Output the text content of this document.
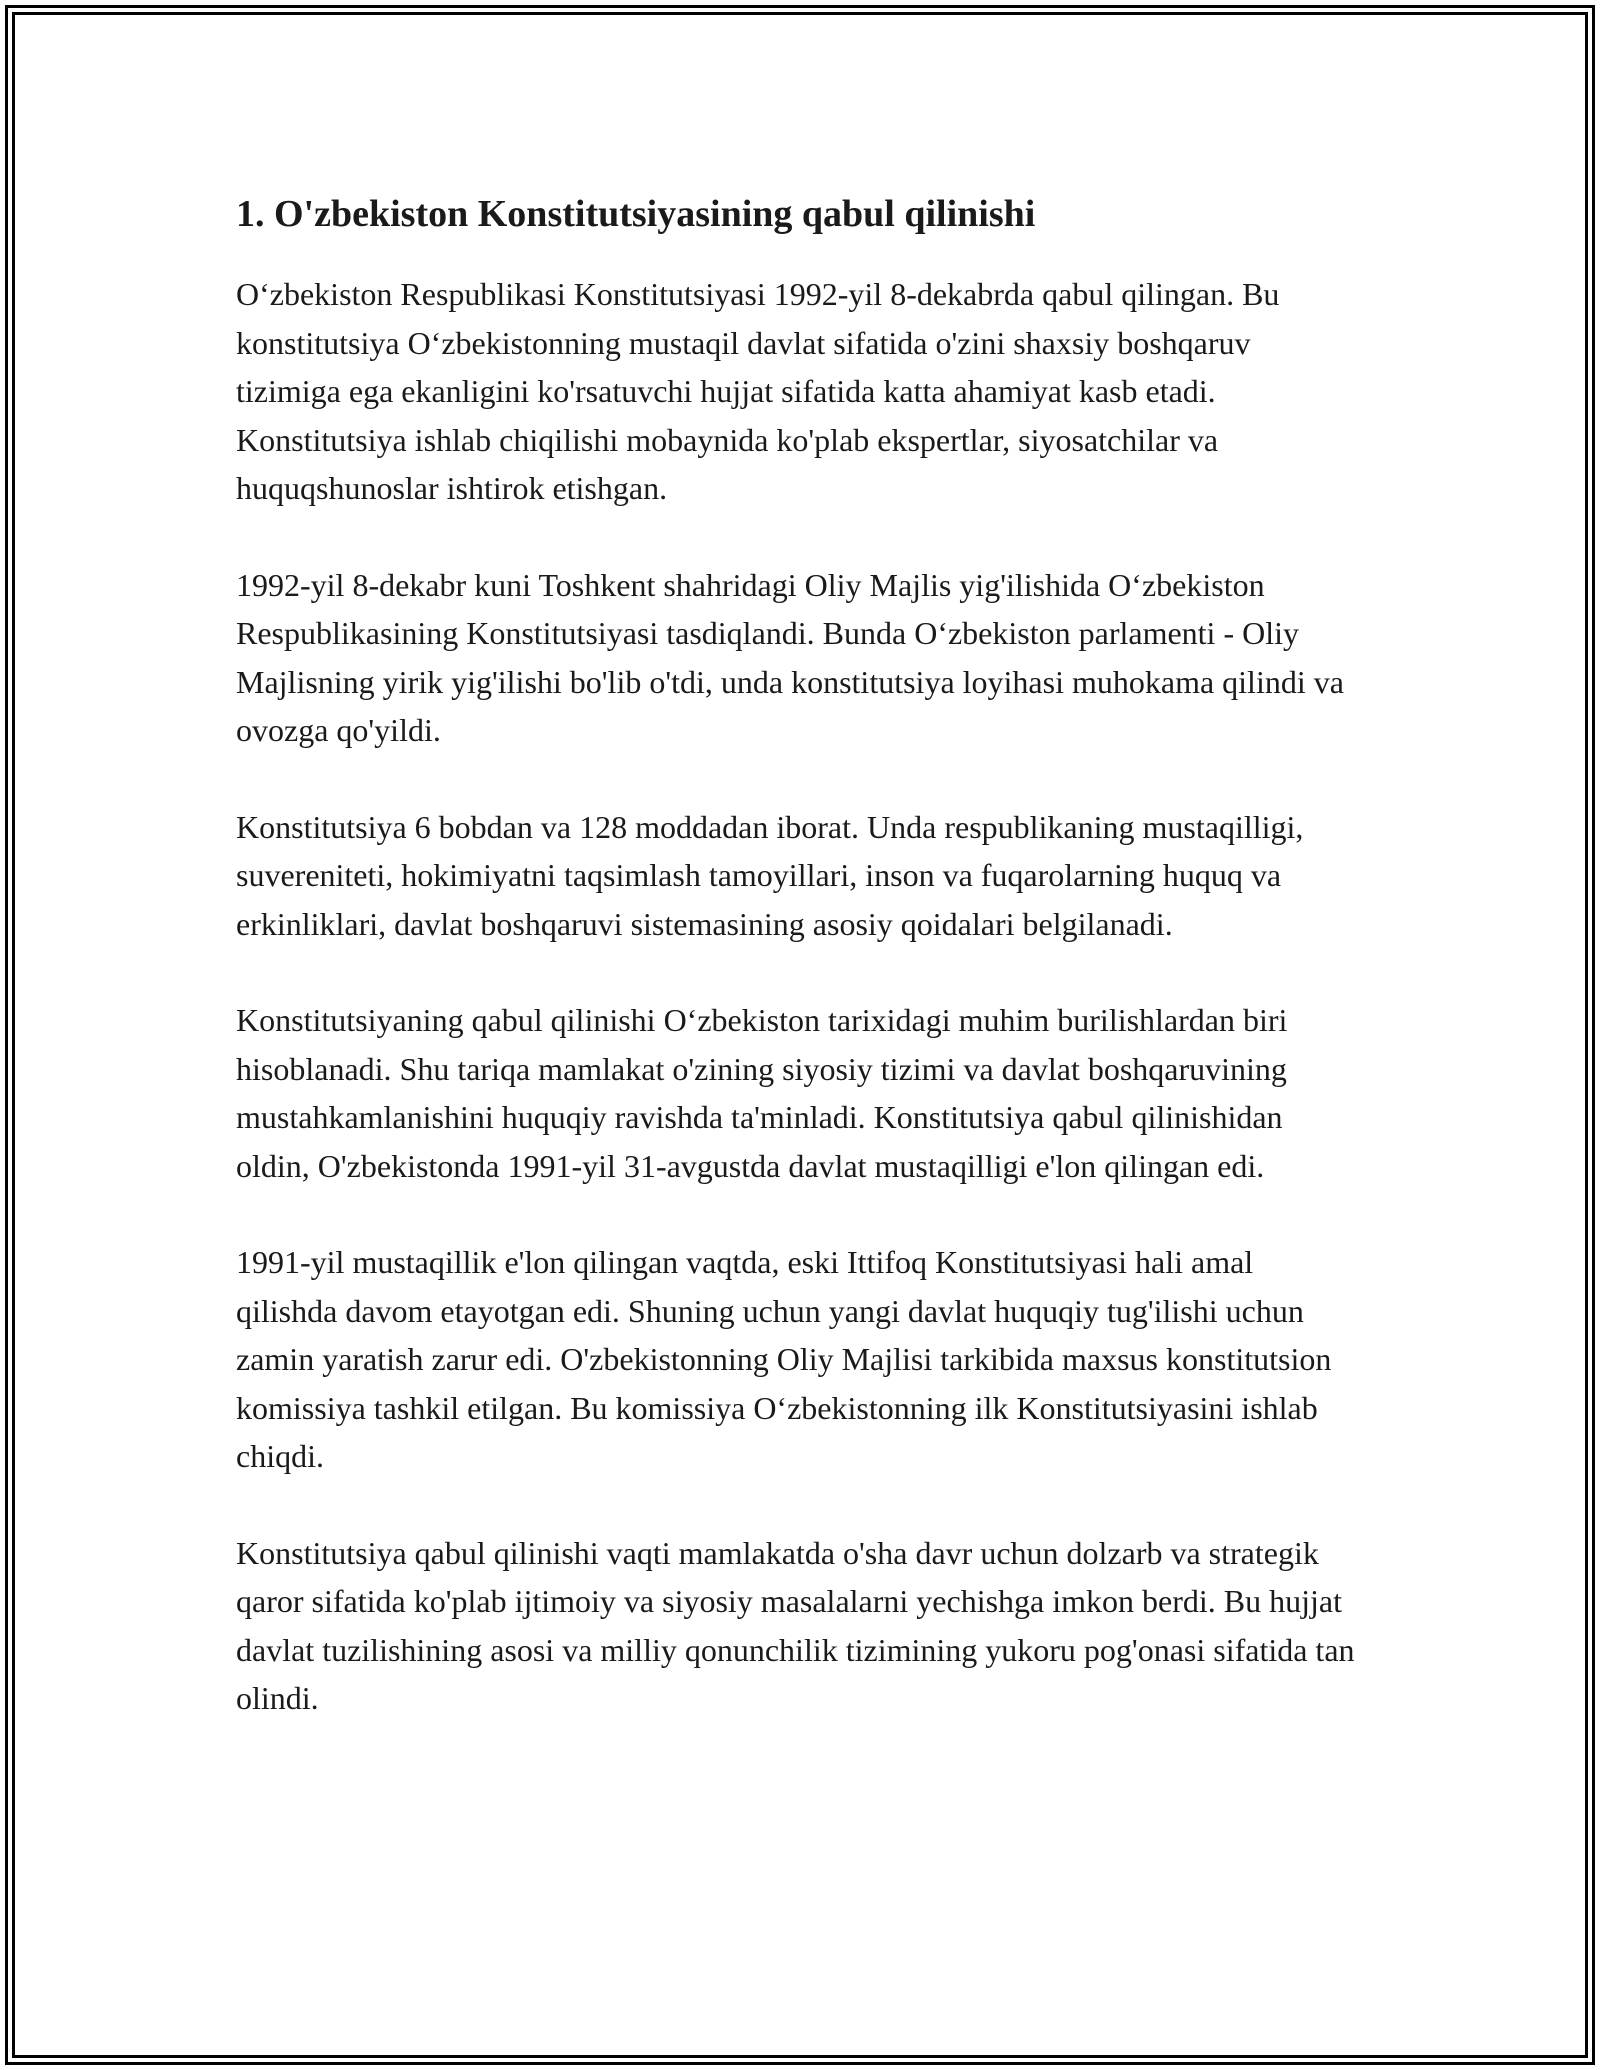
1. O'zbekiston Konstitutsiyasining qabul qilinishi

O‘zbekiston Respublikasi Konstitutsiyasi 1992-yil 8-dekabrda qabul qilingan. Bu konstitutsiya O‘zbekistonning mustaqil davlat sifatida o'zini shaxsiy boshqaruv tizimiga ega ekanligini ko'rsatuvchi hujjat sifatida katta ahamiyat kasb etadi. Konstitutsiya ishlab chiqilishi mobaynida ko'plab ekspertlar, siyosatchilar va huquqshunoslar ishtirok etishgan.

1992-yil 8-dekabr kuni Toshkent shahridagi Oliy Majlis yig'ilishida O‘zbekiston Respublikasining Konstitutsiyasi tasdiqlandi. Bunda O‘zbekiston parlamenti - Oliy Majlisning yirik yig'ilishi bo'lib o'tdi, unda konstitutsiya loyihasi muhokama qilindi va ovozga qo'yildi.

Konstitutsiya 6 bobdan va 128 moddadan iborat. Unda respublikaning mustaqilligi, suvereniteti, hokimiyatni taqsimlash tamoyillari, inson va fuqarolarning huquq va erkinliklari, davlat boshqaruvi sistemasining asosiy qoidalari belgilanadi.

Konstitutsiyaning qabul qilinishi O‘zbekiston tarixidagi muhim burilishlardan biri hisoblanadi. Shu tariqa mamlakat o'zining siyosiy tizimi va davlat boshqaruvining mustahkamlanishini huquqiy ravishda ta'minladi. Konstitutsiya qabul qilinishidan oldin, O'zbekistonda 1991-yil 31-avgustda davlat mustaqilligi e'lon qilingan edi.

1991-yil mustaqillik e'lon qilingan vaqtda, eski Ittifoq Konstitutsiyasi hali amal qilishda davom etayotgan edi. Shuning uchun yangi davlat huquqiy tug'ilishi uchun zamin yaratish zarur edi. O'zbekistonning Oliy Majlisi tarkibida maxsus konstitutsion komissiya tashkil etilgan. Bu komissiya O‘zbekistonning ilk Konstitutsiyasini ishlab chiqdi.

Konstitutsiya qabul qilinishi vaqti mamlakatda o'sha davr uchun dolzarb va strategik qaror sifatida ko'plab ijtimoiy va siyosiy masalalarni yechishga imkon berdi. Bu hujjat davlat tuzilishining asosi va milliy qonunchilik tizimining yukoru pog'onasi sifatida tan olindi.
